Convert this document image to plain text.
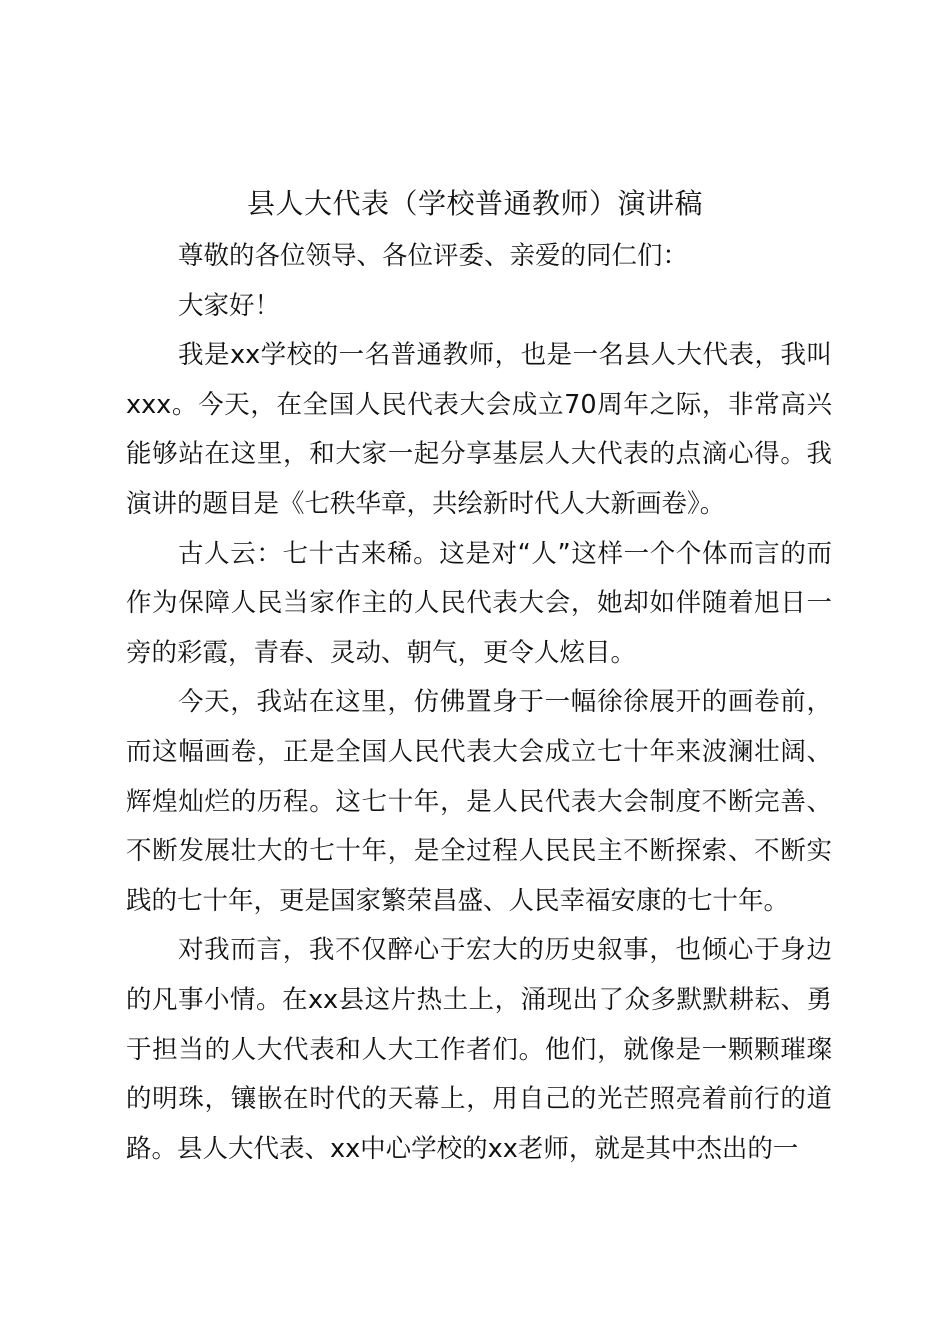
县人大代表（学校普通教师）演讲稿

尊敬的各位领导、各位评委、亲爱的同仁们：

大家好！

我是xx学校的一名普通教师，也是一名县人大代表，我叫xxx。今天，在全国人民代表大会成立70周年之际，非常高兴能够站在这里，和大家一起分享基层人大代表的点滴心得。我演讲的题目是《七秩华章，共绘新时代人大新画卷》。

古人云：七十古来稀。这是对“人”这样一个个体而言的而作为保障人民当家作主的人民代表大会，她却如伴随着旭日一旁的彩霞，青春、灵动、朝气，更令人炫目。

今天，我站在这里，仿佛置身于一幅徐徐展开的画卷前，而这幅画卷，正是全国人民代表大会成立七十年来波澜壮阔、辉煌灿烂的历程。这七十年，是人民代表大会制度不断完善、不断发展壮大的七十年，是全过程人民民主不断探索、不断实践的七十年，更是国家繁荣昌盛、人民幸福安康的七十年。

对我而言，我不仅醉心于宏大的历史叙事，也倾心于身边的凡事小情。在xx县这片热土上，涌现出了众多默默耕耘、勇于担当的人大代表和人大工作者们。他们，就像是一颗颗璀璨的明珠，镶嵌在时代的天幕上，用自己的光芒照亮着前行的道路。县人大代表、xx中心学校的xx老师，就是其中杰出的一
